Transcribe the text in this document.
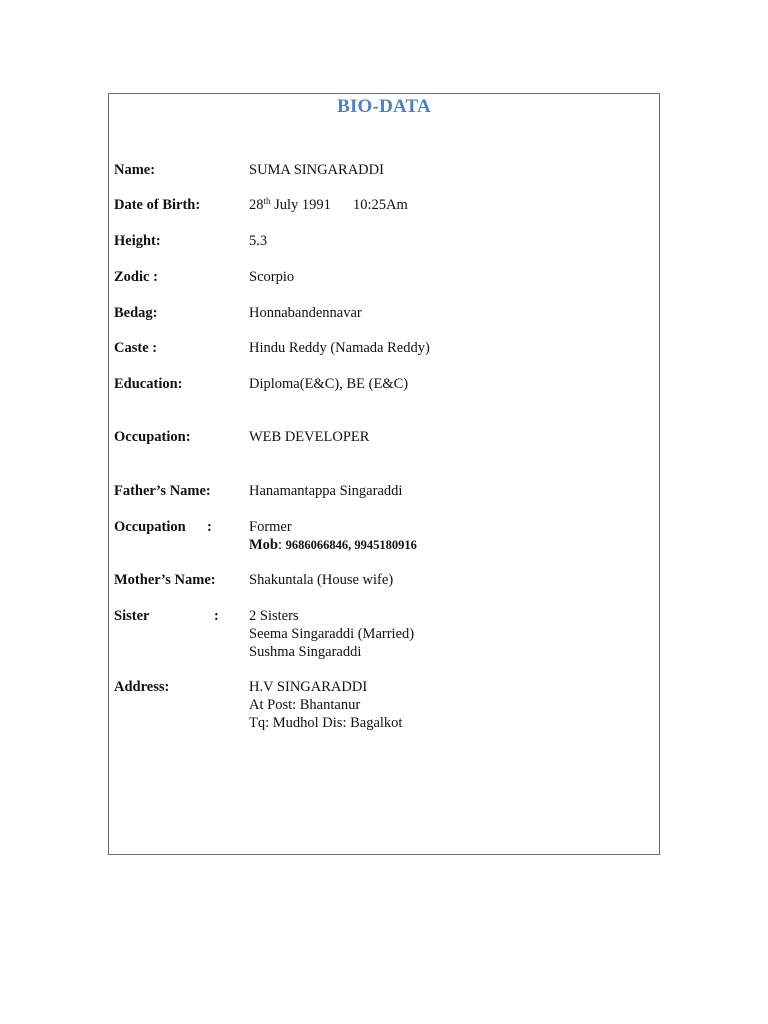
BIO-DATA
Name:	SUMA SINGARADDI
Date of Birth:	28th July 1991 10:25Am
Height:	5.3
Zodic :	Scorpio
Bedag:	Honnabandennavar
Caste :	Hindu Reddy (Namada Reddy)
Education:	Diploma(E&C), BE (E&C)
Occupation:	WEB DEVELOPER
Father’s Name:	Hanamantappa Singaraddi
Occupation :	Former
Mob: 9686066846, 9945180916
Mother’s Name: Shakuntala (House wife)
Sister	: 2 Sisters
Seema Singaraddi (Married)
Sushma Singaraddi
Address:	H.V SINGARADDI
At Post: Bhantanur
Tq: Mudhol Dis: Bagalkot
